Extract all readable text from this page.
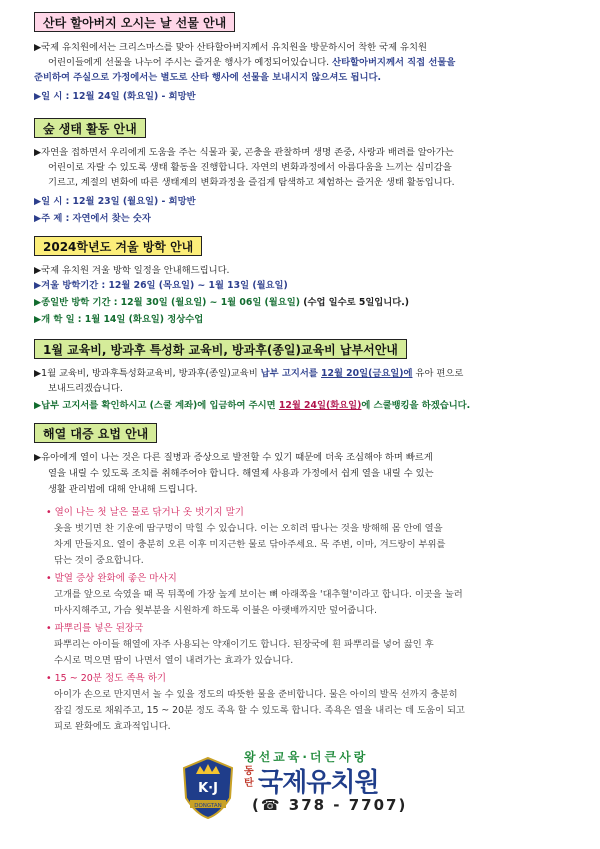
산타 할아버지 오시는 날 선물 안내
▶국제 유치원에서는 크리스마스를 맞아 산타할아버지께서 유치원을 방문하시어 착한 국제 유치원
어린이들에게 선물을 나누어 주시는 즐거운 행사가 예정되어있습니다. 산타할아버지께서 직접 선물을
준비하여 주실으로 가정에서는 별도로 산타 행사에 선물을 보내시지 않으셔도 됩니다.
▶일 시 : 12월 24일 (화요일) - 희망반
숲 생태 활동 안내
▶자연을 접하면서 우리에게 도움을 주는 식물과 꽃, 곤충을 관찰하며 생명 존중, 사랑과 배려를 알아가는
어린이로 자랄 수 있도록 생태 활동을 진행합니다. 자연의 변화과정에서 아름다움을 느끼는 심미감을
기르고, 계절의 변화에 따른 생태계의 변화과정을 즐겁게 탐색하고 체험하는 즐거운 생태 활동입니다.
▶일 시 : 12월 23일 (월요일) - 희망반
▶주 제 : 자연에서 찾는 숫자
2024학년도 겨울 방학 안내
▶국제 유치원 겨울 방학 일정을 안내해드립니다.
▶겨울 방학기간 : 12월 26일 (목요일) ~ 1월 13일 (월요일)
▶종일반 방학 기간 : 12월 30일 (월요일) ~ 1월 06일 (월요일) (수업 일수로 5일입니다.)
▶개 학 일 : 1월 14일 (화요일) 정상수업
1월 교육비, 방과후 특성화 교육비, 방과후(종일)교육비 납부서안내
▶1월 교육비, 방과후특성화교육비, 방과후(종일)교육비 납부 고지서를 12월 20일(금요일)에 유아 편으로
보내드리겠습니다.
▶납부 고지서를 확인하시고 (스쿨 계좌)에 입금하여 주시면 12월 24일(화요일)에 스쿨뱅킹을 하겠습니다.
해열 대증 요법 안내
▶유아에게 열이 나는 것은 다른 질병과 증상으로 발전할 수 있기 때문에 더욱 조심해야 하며 빠르게
열을 내릴 수 있도록 조치를 취해주어야 합니다. 해열제 사용과 가정에서 쉽게 열을 내릴 수 있는
생활 관리법에 대해 안내해 드립니다.
• 열이 나는 첫 날은 물로 닦거나 옷 벗기지 말기
옷을 벗기면 찬 기운에 땀구멍이 막힐 수 있습니다. 이는 오히려 땀나는 것을 방해해 몸 안에 열을
차게 만들지요. 열이 충분히 오른 이후 미지근한 물로 닦아주세요. 목 주변, 이마, 겨드랑이 부위를
닦는 것이 중요합니다.
• 발열 증상 완화에 좋은 마사지
고개를 앞으로 숙였을 때 목 뒤쪽에 가장 높게 보이는 뼈 아래쪽을 '대추혈'이라고 합니다. 이곳을 눌러
마사지해주고, 가슴 윗부분을 시원하게 하도록 이불은 아랫배까지만 덮어줍니다.
• 파뿌리를 넣은 된장국
파뿌리는 아이들 해열에 자주 사용되는 약재이기도 합니다. 된장국에 흰 파뿌리를 넣어 끓인 후
수시로 먹으면 땀이 나면서 열이 내려가는 효과가 있습니다.
• 15 ~ 20분 정도 족욕 하기
아이가 손으로 만지면서 놀 수 있을 정도의 따뜻한 물을 준비합니다. 물은 아이의 발목 선까지 충분히
잠길 정도로 채워주고, 15 ~ 20분 정도 족욕 할 수 있도록 합니다. 족욕은 열을 내리는 데 도움이 되고
피로 완화에도 효과적입니다.
DONGTAN
K·J
왕선교육·더큰사랑
동탄 국제유치원
(☎ 378 - 7707)
